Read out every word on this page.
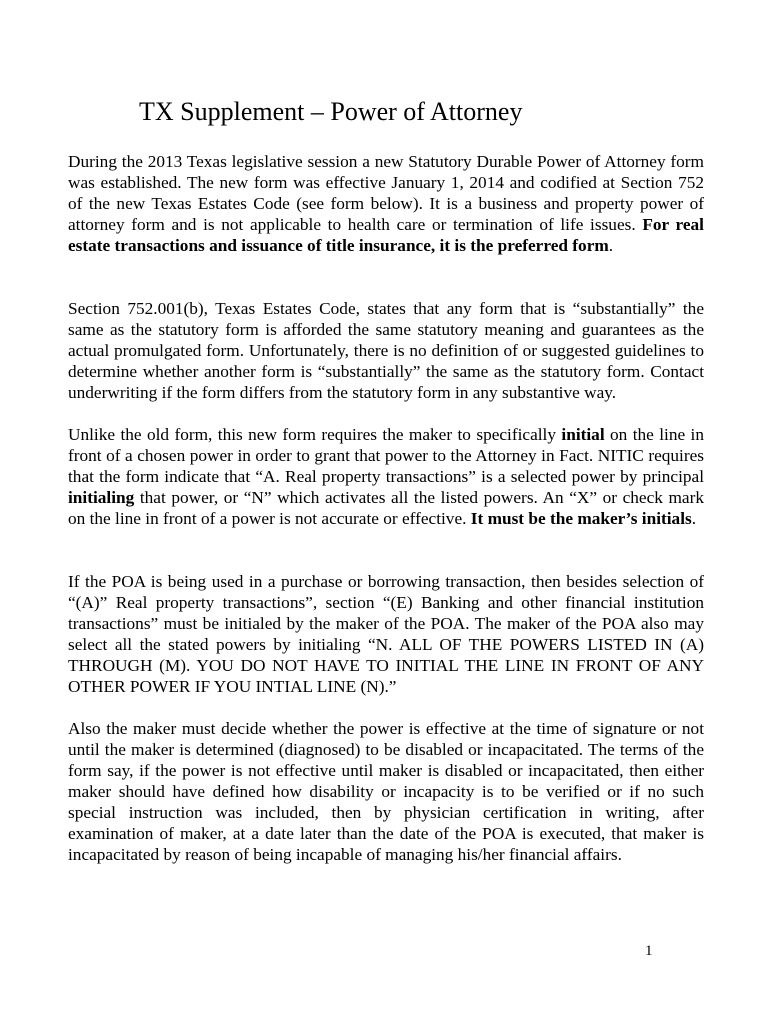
TX Supplement – Power of Attorney

During the 2013 Texas legislative session a new Statutory Durable Power of Attorney form was established. The new form was effective January 1, 2014 and codified at Section 752 of the new Texas Estates Code (see form below). It is a business and property power of attorney form and is not applicable to health care or termination of life issues. For real estate transactions and issuance of title insurance, it is the preferred form.

Section 752.001(b), Texas Estates Code, states that any form that is “substantially” the same as the statutory form is afforded the same statutory meaning and guarantees as the actual promulgated form. Unfortunately, there is no definition of or suggested guidelines to determine whether another form is “substantially” the same as the statutory form. Contact underwriting if the form differs from the statutory form in any substantive way.

Unlike the old form, this new form requires the maker to specifically initial on the line in front of a chosen power in order to grant that power to the Attorney in Fact. NITIC requires that the form indicate that “A. Real property transactions” is a selected power by principal initialing that power, or “N” which activates all the listed powers. An “X” or check mark on the line in front of a power is not accurate or effective. It must be the maker’s initials.

If the POA is being used in a purchase or borrowing transaction, then besides selection of “(A)” Real property transactions”, section “(E) Banking and other financial institution transactions” must be initialed by the maker of the POA. The maker of the POA also may select all the stated powers by initialing “N. ALL OF THE POWERS LISTED IN (A) THROUGH (M). YOU DO NOT HAVE TO INITIAL THE LINE IN FRONT OF ANY OTHER POWER IF YOU INTIAL LINE (N).”

Also the maker must decide whether the power is effective at the time of signature or not until the maker is determined (diagnosed) to be disabled or incapacitated. The terms of the form say, if the power is not effective until maker is disabled or incapacitated, then either maker should have defined how disability or incapacity is to be verified or if no such special instruction was included, then by physician certification in writing, after examination of maker, at a date later than the date of the POA is executed, that maker is incapacitated by reason of being incapable of managing his/her financial affairs.

1
